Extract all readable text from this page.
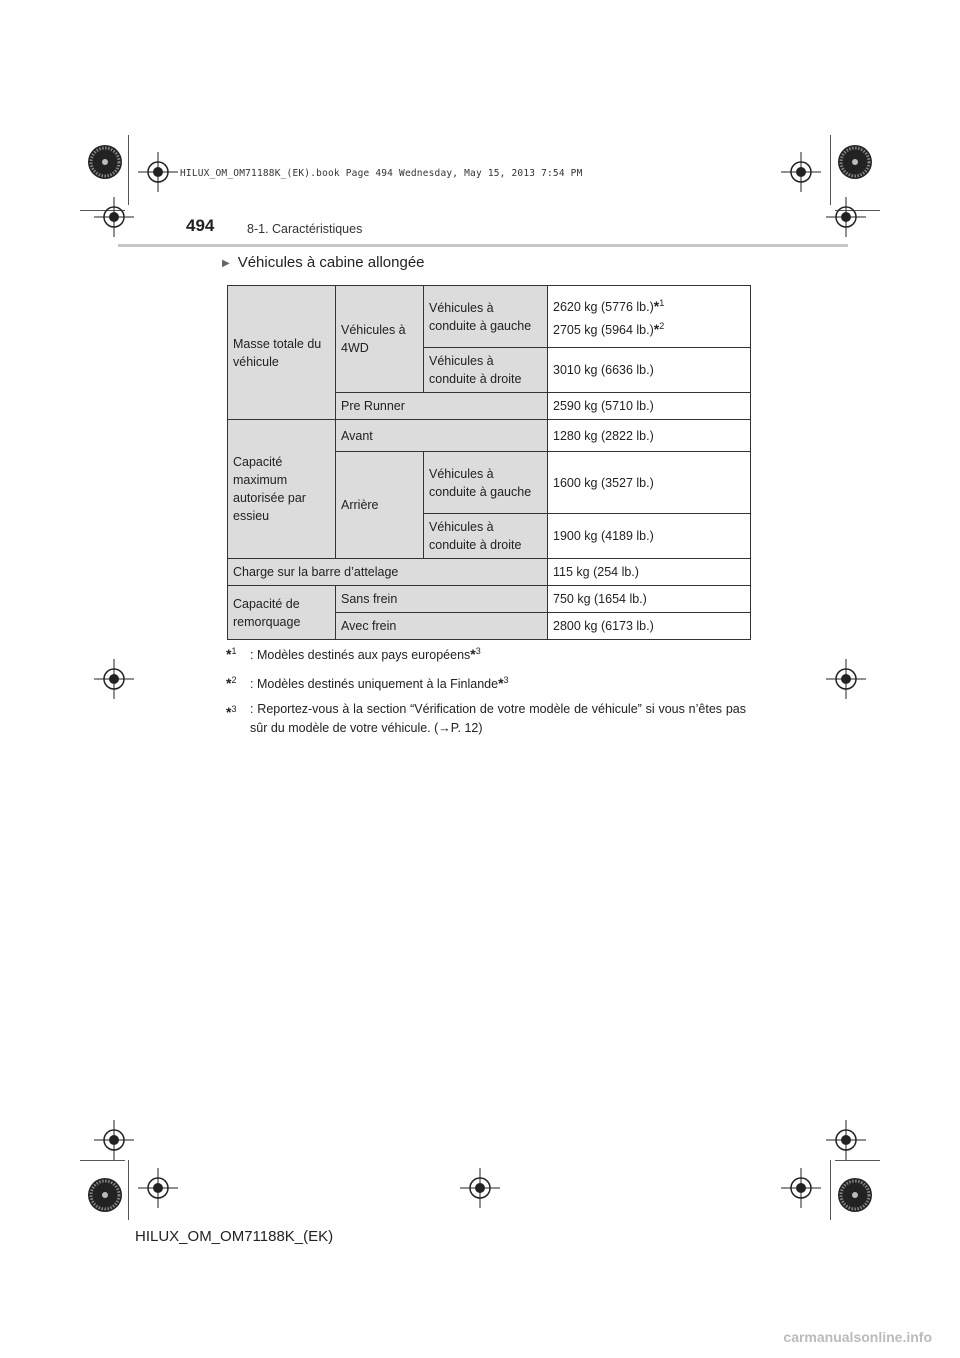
HILUX_OM_OM71188K_(EK).book Page 494 Wednesday, May 15, 2013 7:54 PM
494	8-1. Caractéristiques
▶ Véhicules à cabine allongée
Masse totale du véhicule	Véhicules à 4WD	Véhicules à conduite à gauche	2620 kg (5776 lb.)*$^1$
2705 kg (5964 lb.)*$^2$

		Véhicules à conduite à droite	3010 kg (6636 lb.)
	Pre Runner		2590 kg (5710 lb.)
Capacité maximum autorisée par essieu	Avant		1280 kg (2822 lb.)
	Arrière	Véhicules à conduite à gauche	1600 kg (3527 lb.)
		Véhicules à conduite à droite	1900 kg (4189 lb.)
Charge sur la barre d’attelage			115 kg (254 lb.)
Capacité de remorquage	Sans frein		750 kg (1654 lb.)
	Avec frein		2800 kg (6173 lb.)
*$^1$	: Modèles destinés aux pays européens*$^3$
*$^2$	: Modèles destinés uniquement à la Finlande*$^3$
*$^3$	: Reportez-vous à la section “Vérification de votre modèle de véhicule” si vous n’êtes pas sûr du modèle de votre véhicule. (→P. 12)
HILUX_OM_OM71188K_(EK)
carmanualsonline.info
